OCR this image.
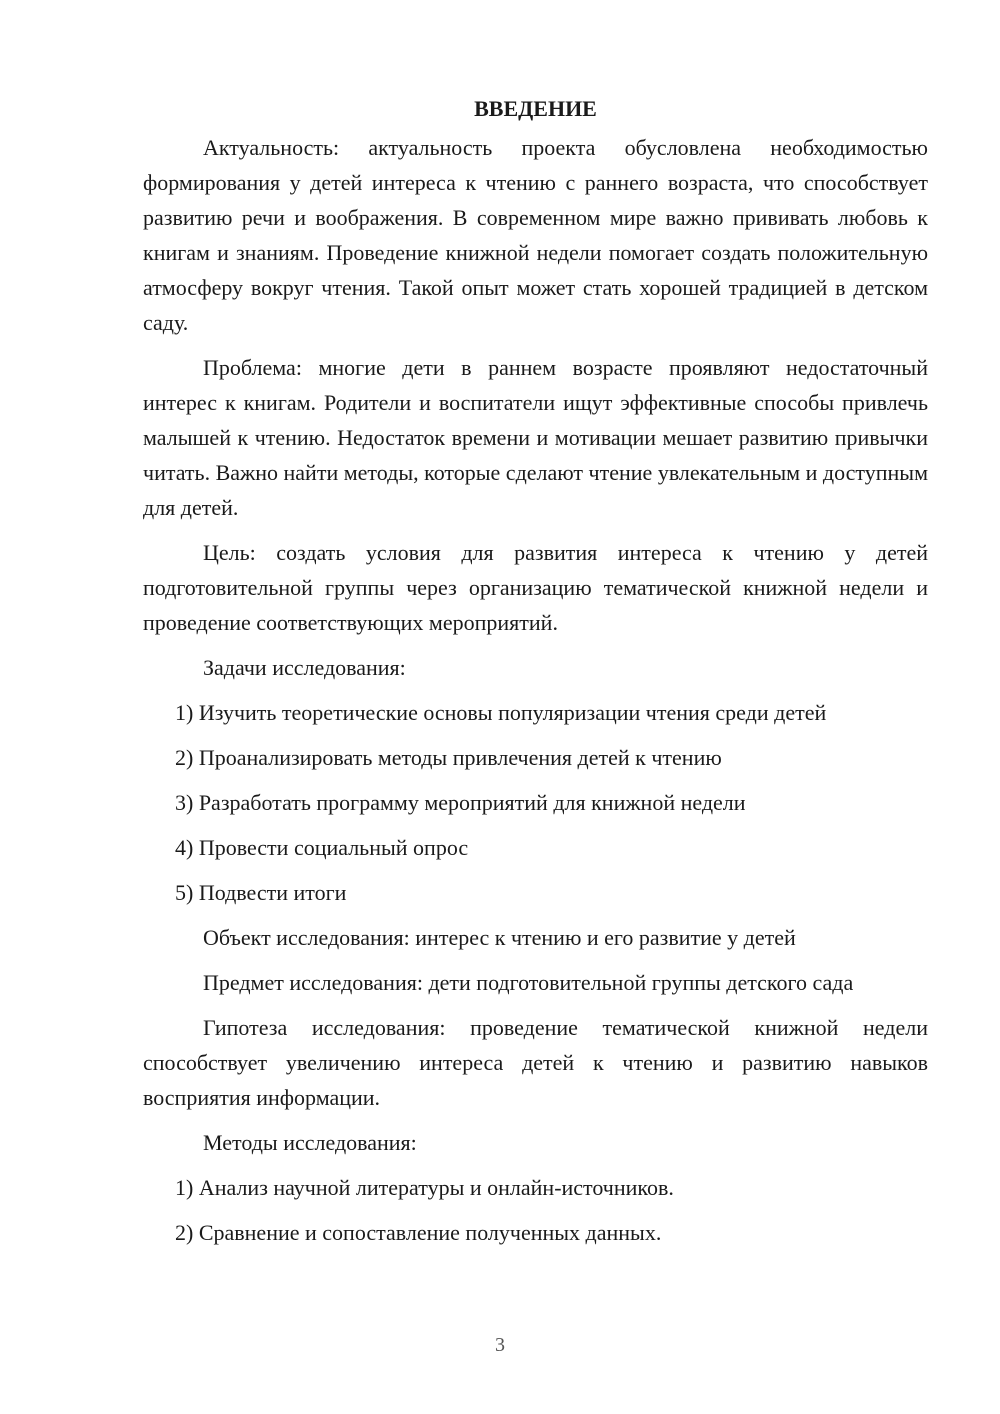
ВВЕДЕНИЕ

Актуальность: актуальность проекта обусловлена необходимостью формирования у детей интереса к чтению с раннего возраста, что способствует развитию речи и воображения. В современном мире важно прививать любовь к книгам и знаниям. Проведение книжной недели помогает создать положительную атмосферу вокруг чтения. Такой опыт может стать хорошей традицией в детском саду.

Проблема: многие дети в раннем возрасте проявляют недостаточный интерес к книгам. Родители и воспитатели ищут эффективные способы привлечь малышей к чтению. Недостаток времени и мотивации мешает развитию привычки читать. Важно найти методы, которые сделают чтение увлекательным и доступным для детей.

Цель: создать условия для развития интереса к чтению у детей подготовительной группы через организацию тематической книжной недели и проведение соответствующих мероприятий.

Задачи исследования:

1) Изучить теоретические основы популяризации чтения среди детей
2) Проанализировать методы привлечения детей к чтению
3) Разработать программу мероприятий для книжной недели
4) Провести социальный опрос
5) Подвести итоги

Объект исследования: интерес к чтению и его развитие у детей

Предмет исследования: дети подготовительной группы детского сада

Гипотеза исследования: проведение тематической книжной недели способствует увеличению интереса детей к чтению и развитию навыков восприятия информации.

Методы исследования:

1) Анализ научной литературы и онлайн-источников.
2) Сравнение и сопоставление полученных данных.
3
